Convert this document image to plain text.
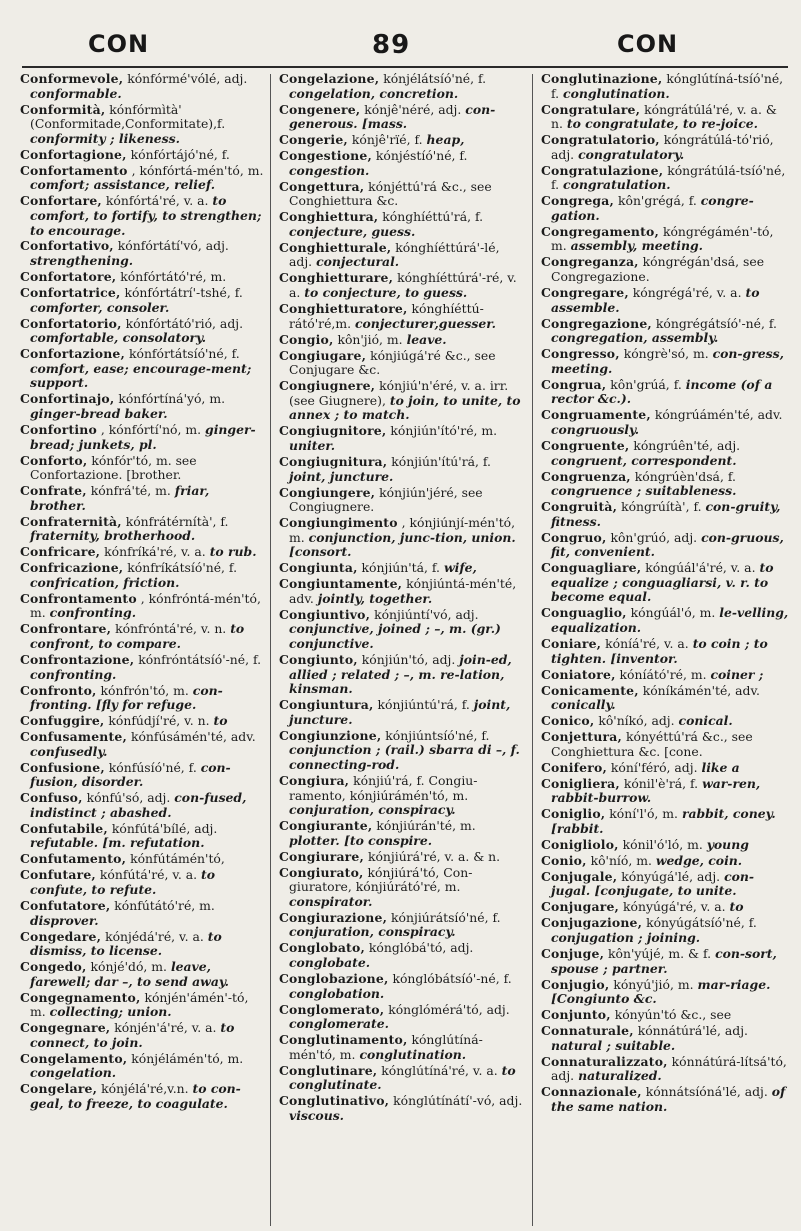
CON	89	CON
Conformevole, kónfórmé'vólé, adj. conformable.
Conformità, kónfórmìtà' (Conformitade,Conformitate),f. conformity ; likeness.
Confortagione, kónfórtájó'né, f.
Confortamento , kónfórtá-mén'tó, m. comfort; assistance, relief.
Confortare, kónfórtá'ré, v. a. to comfort, to fortify, to strengthen; to encourage.
Confortativo, kónfórtátí'vó, adj. strengthening.
Confortatore, kónfórtátó'ré, m.
Confortatrice, kónfórtátrí'-tshé, f. comforter, consoler.
Confortatorio, kónfórtátó'rió, adj. comfortable, consolatory.
Confortazione, kónfórtátsíó'né, f. comfort, ease; encourage-ment; support.
Confortinajo, kónfórtíná'yó, m. ginger-bread baker.
Confortino , kónfórtí'nó, m. ginger-bread; junkets, pl.
Conforto, kónfór'tó, m. see Confortazione. [brother.
Confrate, kónfrá'té, m. friar, brother.
Confraternità, kónfrátérnítà', f. fraternity, brotherhood.
Confricare, kónfríká'ré, v. a. to rub.
Confricazione, kónfríkátsíó'né, f. confrication, friction.
Confrontamento , kónfróntá-mén'tó, m. confronting.
Confrontare, kónfróntá'ré, v. n. to confront, to compare.
Confrontazione, kónfróntátsíó'-né, f. confronting.
Confronto, kónfrón'tó, m. con-fronting. [fly for refuge.
Confuggire, kónfúdjí'ré, v. n. to
Confusamente, kónfúsámén'té, adv. confusedly.
Confusione, kónfúsíó'né, f. con-fusion, disorder.
Confuso, kónfú'só, adj. con-fused, indistinct ; abashed.
Confutabile, kónfútá'bílé, adj. refutable. [m. refutation.
Confutamento, kónfútámén'tó,
Confutare, kónfútá'ré, v. a. to confute, to refute.
Confutatore, kónfútátó'ré, m. disprover.
Congedare, kónjédá'ré, v. a. to dismiss, to license.
Congedo, kónjé'dó, m. leave, farewell; dar –, to send away.
Congegnamento, kónjén'ámén'-tó, m. collecting; union.
Congegnare, kónjén'á'ré, v. a. to connect, to join.
Congelamento, kónjélámén'tó, m. congelation.
Congelare, kónjélá'ré,v.n. to con-geal, to freeze, to coagulate.
Congelazione, kónjélátsíó'né, f. congelation, concretion.
Congenere, kónjê'néré, adj. con-generous. [mass.
Congerie, kónjê'rïé, f. heap,
Congestione, kónjéstíó'né, f. congestion.
Congettura, kónjéttú'rá &c., see Conghiettura &c.
Conghiettura, kónghíéttú'rá, f. conjecture, guess.
Conghietturale, kónghíéttúrá'-lé, adj. conjectural.
Conghietturare, kónghíéttúrá'-ré, v. a. to conjecture, to guess.
Conghietturatore, kónghíéttú-rátó'ré,m. conjecturer,guesser.
Congio, kôn'jió, m. leave.
Congiugare, kónjiúgá'ré &c., see Conjugare &c.
Congiugnere, kónjiú'n'éré, v. a. irr. (see Giugnere), to join, to unite, to annex ; to match.
Congiugnitore, kónjiún'ító'ré, m. uniter.
Congiugnitura, kónjiún'ítú'rá, f. joint, juncture.
Congiungere, kónjiún'jéré, see Congiugnere.
Congiungimento , kónjiúnjí-mén'tó, m. conjunction, junc-tion, union. [consort.
Congiunta, kónjiún'tá, f. wife,
Congiuntamente, kónjiúntá-mén'té, adv. jointly, together.
Congiuntivo, kónjiúntí'vó, adj. conjunctive, joined ; –, m. (gr.) conjunctive.
Congiunto, kónjiún'tó, adj. join-ed, allied ; related ; –, m. re-lation, kinsman.
Congiuntura, kónjiúntú'rá, f. joint, juncture.
Congiunzione, kónjiúntsíó'né, f. conjunction ; (rail.) sbarra di –, f. connecting-rod.
Congiura, kónjiú'rá, f. Congiu-ramento, kónjiúrámén'tó, m. conjuration, conspiracy.
Congiurante, kónjiúrán'té, m. plotter. [to conspire.
Congiurare, kónjiúrá'ré, v. a. & n.
Congiurato, kónjiúrá'tó, Con-giuratore, kónjiúrátó'ré, m. conspirator.
Congiurazione, kónjiúrátsíó'né, f. conjuration, conspiracy.
Conglobato, kónglóbá'tó, adj. conglobate.
Conglobazione, kónglóbátsíó'-né, f. conglobation.
Conglomerato, kónglómérá'tó, adj. conglomerate.
Conglutinamento, kónglútíná-mén'tó, m. conglutination.
Conglutinare, kónglútíná'ré, v. a. to conglutinate.
Conglutinativo, kónglútínátí'-vó, adj. viscous.
Conglutinazione, kónglútíná-tsíó'né, f. conglutination.
Congratulare, kóngrátúlá'ré, v. a. & n. to congratulate, to re-joice.
Congratulatorio, kóngrátúlá-tó'rió, adj. congratulatory.
Congratulazione, kóngrátúlá-tsíó'né, f. congratulation.
Congrega, kôn'grégá, f. congre-gation.
Congregamento, kóngrégámén'-tó, m. assembly, meeting.
Congreganza, kóngrégán'dsá, see Congregazione.
Congregare, kóngrégá'ré, v. a. to assemble.
Congregazione, kóngrégátsíó'-né, f. congregation, assembly.
Congresso, kóngrè'só, m. con-gress, meeting.
Congrua, kôn'grúá, f. income (of a rector &c.).
Congruamente, kóngrúámén'té, adv. congruously.
Congruente, kóngrúên'té, adj. congruent, correspondent.
Congruenza, kóngrúèn'dsá, f. congruence ; suitableness.
Congruità, kóngrúítà', f. con-gruity, fitness.
Congruo, kôn'grúó, adj. con-gruous, fit, convenient.
Conguagliare, kóngúál'á'ré, v. a. to equalize ; conguagliarsi, v. r. to become equal.
Conguaglio, kóngúál'ó, m. le-velling, equalization.
Coniare, kóníá'ré, v. a. to coin ; to tighten. [inventor.
Coniatore, kóníátó'ré, m. coiner ;
Conicamente, kóníkámén'té, adv. conically.
Conico, kô'níkó, adj. conical.
Conjettura, kónyéttú'rá &c., see Conghiettura &c. [cone.
Conifero, kóní'féró, adj. like a
Conigliera, kónil'è'rá, f. war-ren, rabbit-burrow.
Coniglio, kóní'l'ó, m. rabbit, coney. [rabbit.
Conigliolo, kónil'ó'ló, m. young
Conio, kô'níó, m. wedge, coin.
Conjugale, kónyúgá'lé, adj. con-jugal. [conjugate, to unite.
Conjugare, kónyúgá'ré, v. a. to
Conjugazione, kónyúgátsíó'né, f. conjugation ; joining.
Conjuge, kôn'yújé, m. & f. con-sort, spouse ; partner.
Conjugio, kónyú'jió, m. mar-riage. [Congiunto &c.
Conjunto, kónyún'tó &c., see
Connaturale, kónnátúrá'lé, adj. natural ; suitable.
Connaturalizzato, kónnátúrá-lítsá'tó, adj. naturalized.
Connazionale, kónnátsíóná'lé, adj. of the same nation.
